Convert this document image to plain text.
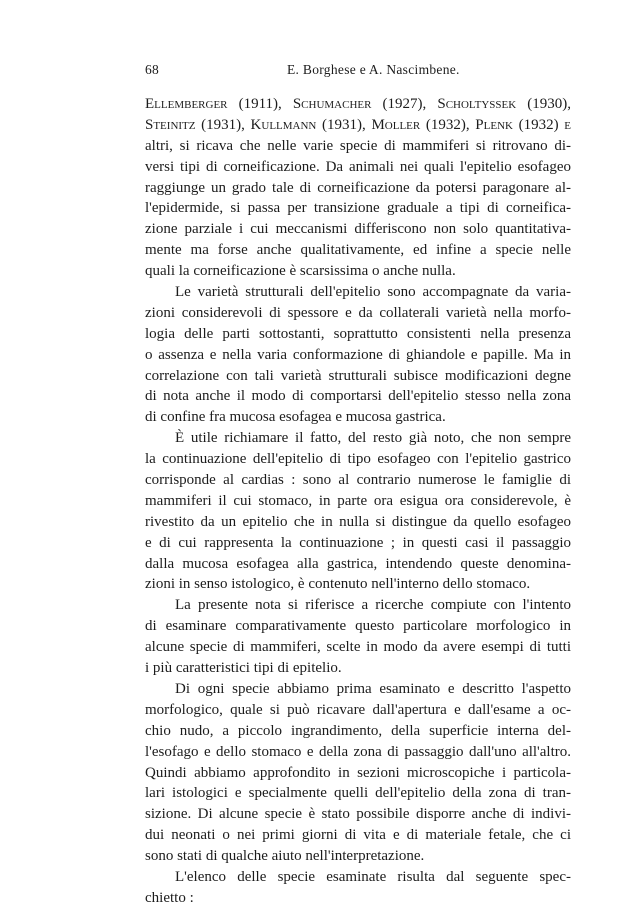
68	E. Borghese e A. Nascimbene.
Ellemberger (1911), Schumacher (1927), Scholtyssek (1930),
Steinitz (1931), Kullmann (1931), Moller (1932), Plenk (1932) e
altri, si ricava che nelle varie specie di mammiferi si ritrovano di-
versi tipi di corneificazione. Da animali nei quali l'epitelio esofageo
raggiunge un grado tale di corneificazione da potersi paragonare al-
l'epidermide, si passa per transizione graduale a tipi di corneifica-
zione parziale i cui meccanismi differiscono non solo quantitativa-
mente ma forse anche qualitativamente, ed infine a specie nelle
quali la corneificazione è scarsissima o anche nulla.
Le varietà strutturali dell'epitelio sono accompagnate da varia-
zioni considerevoli di spessore e da collaterali varietà nella morfo-
logia delle parti sottostanti, soprattutto consistenti nella presenza
o assenza e nella varia conformazione di ghiandole e papille. Ma in
correlazione con tali varietà strutturali subisce modificazioni degne
di nota anche il modo di comportarsi dell'epitelio stesso nella zona
di confine fra mucosa esofagea e mucosa gastrica.
È utile richiamare il fatto, del resto già noto, che non sempre
la continuazione dell'epitelio di tipo esofageo con l'epitelio gastrico
corrisponde al cardias : sono al contrario numerose le famiglie di
mammiferi il cui stomaco, in parte ora esigua ora considerevole, è
rivestito da un epitelio che in nulla si distingue da quello esofageo
e di cui rappresenta la continuazione ; in questi casi il passaggio
dalla mucosa esofagea alla gastrica, intendendo queste denomina-
zioni in senso istologico, è contenuto nell'interno dello stomaco.
La presente nota si riferisce a ricerche compiute con l'intento
di esaminare comparativamente questo particolare morfologico in
alcune specie di mammiferi, scelte in modo da avere esempi di tutti
i più caratteristici tipi di epitelio.
Di ogni specie abbiamo prima esaminato e descritto l'aspetto
morfologico, quale si può ricavare dall'apertura e dall'esame a oc-
chio nudo, a piccolo ingrandimento, della superficie interna del-
l'esofago e dello stomaco e della zona di passaggio dall'uno all'altro.
Quindi abbiamo approfondito in sezioni microscopiche i particola-
lari istologici e specialmente quelli dell'epitelio della zona di tran-
sizione. Di alcune specie è stato possibile disporre anche di indivi-
dui neonati o nei primi giorni di vita e di materiale fetale, che ci
sono stati di qualche aiuto nell'interpretazione.
L'elenco delle specie esaminate risulta dal seguente spec-
chietto :
